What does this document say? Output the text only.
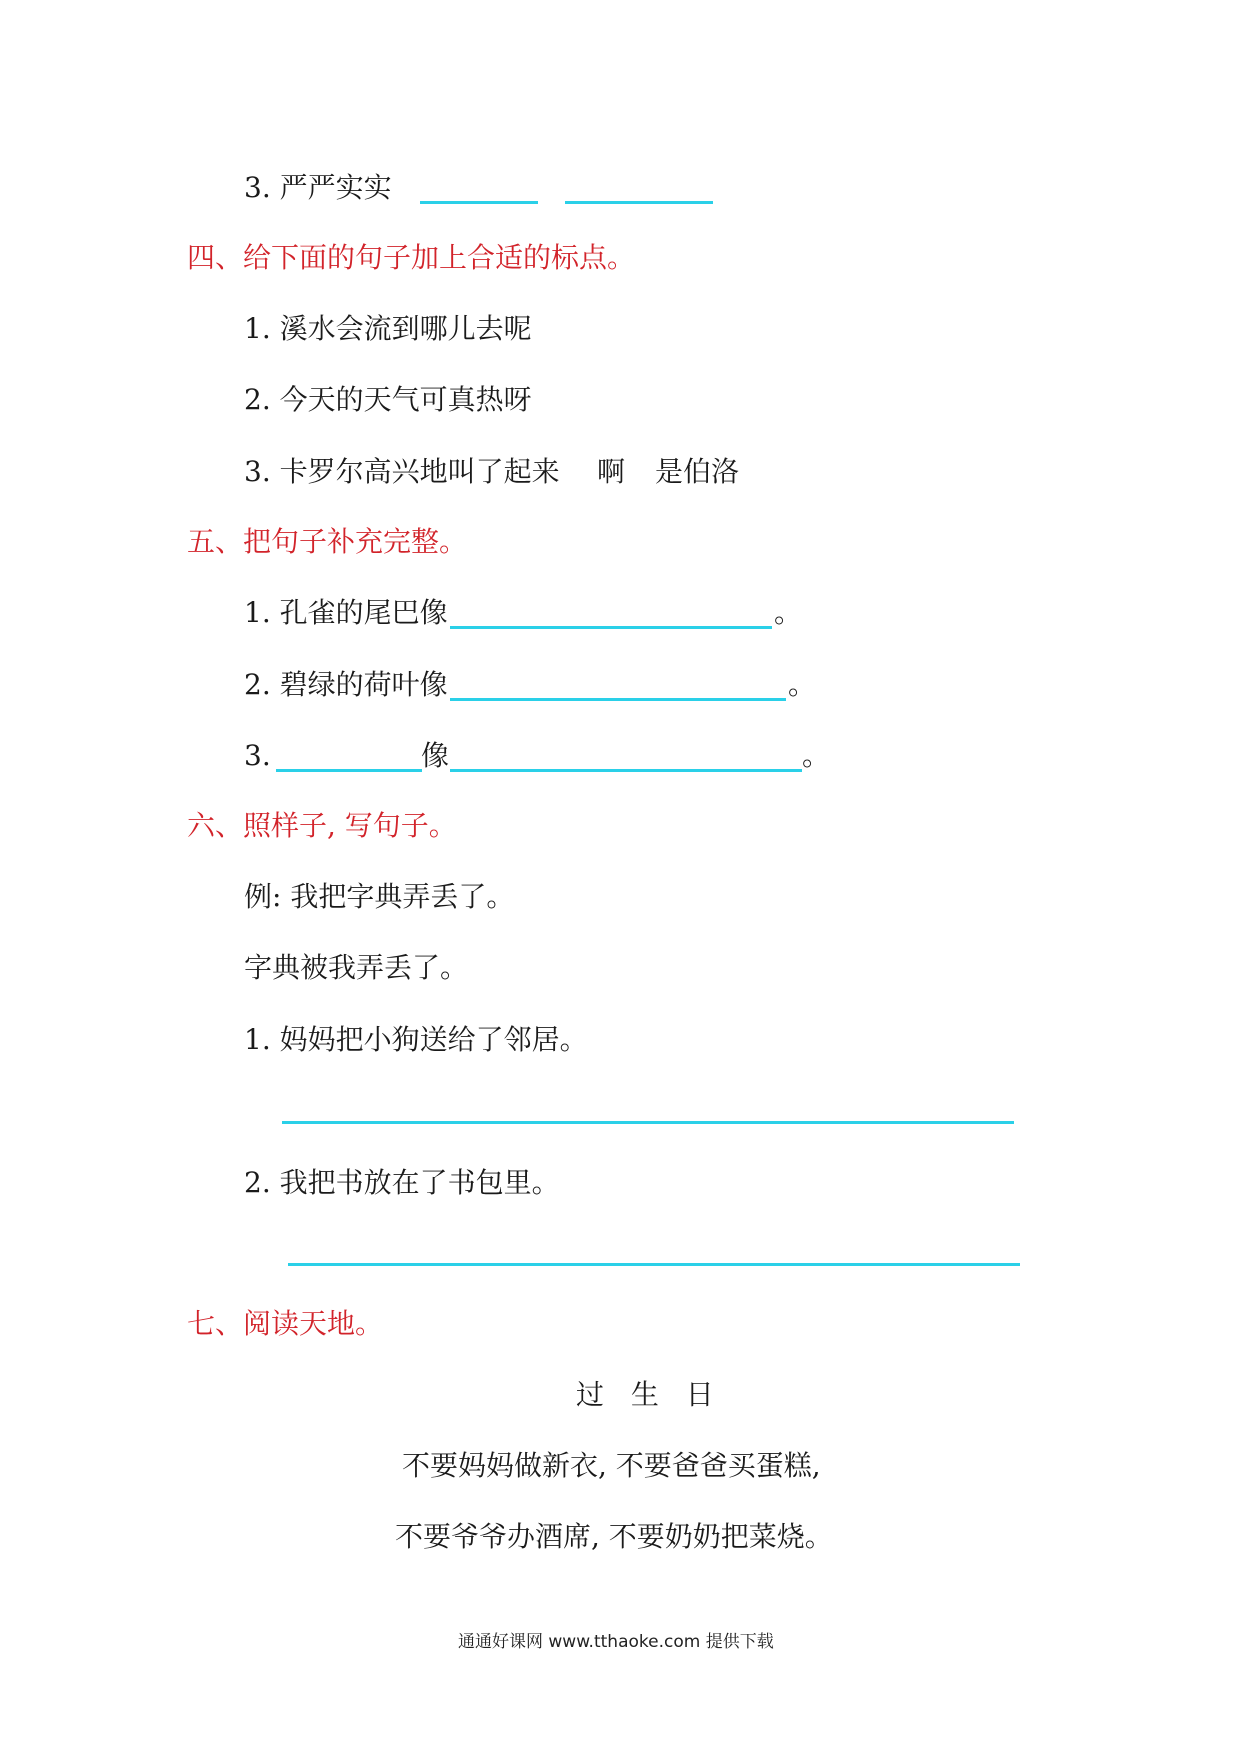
3. 严严实实
四、给下面的句子加上合适的标点。
1. 溪水会流到哪儿去呢
2. 今天的天气可真热呀
3. 卡罗尔高兴地叫了起来 啊 是伯洛
五、把句子补充完整。
1. 孔雀的尾巴像	。
2. 碧绿的荷叶像	。
3.	像	。
六、照样子, 写句子。
例: 我把字典弄丢了。
字典被我弄丢了。
1. 妈妈把小狗送给了邻居。
2. 我把书放在了书包里。
七、阅读天地。
过 生 日
不要妈妈做新衣, 不要爸爸买蛋糕,
不要爷爷办酒席, 不要奶奶把菜烧。
通通好课网 www.tthaoke.com 提供下载
